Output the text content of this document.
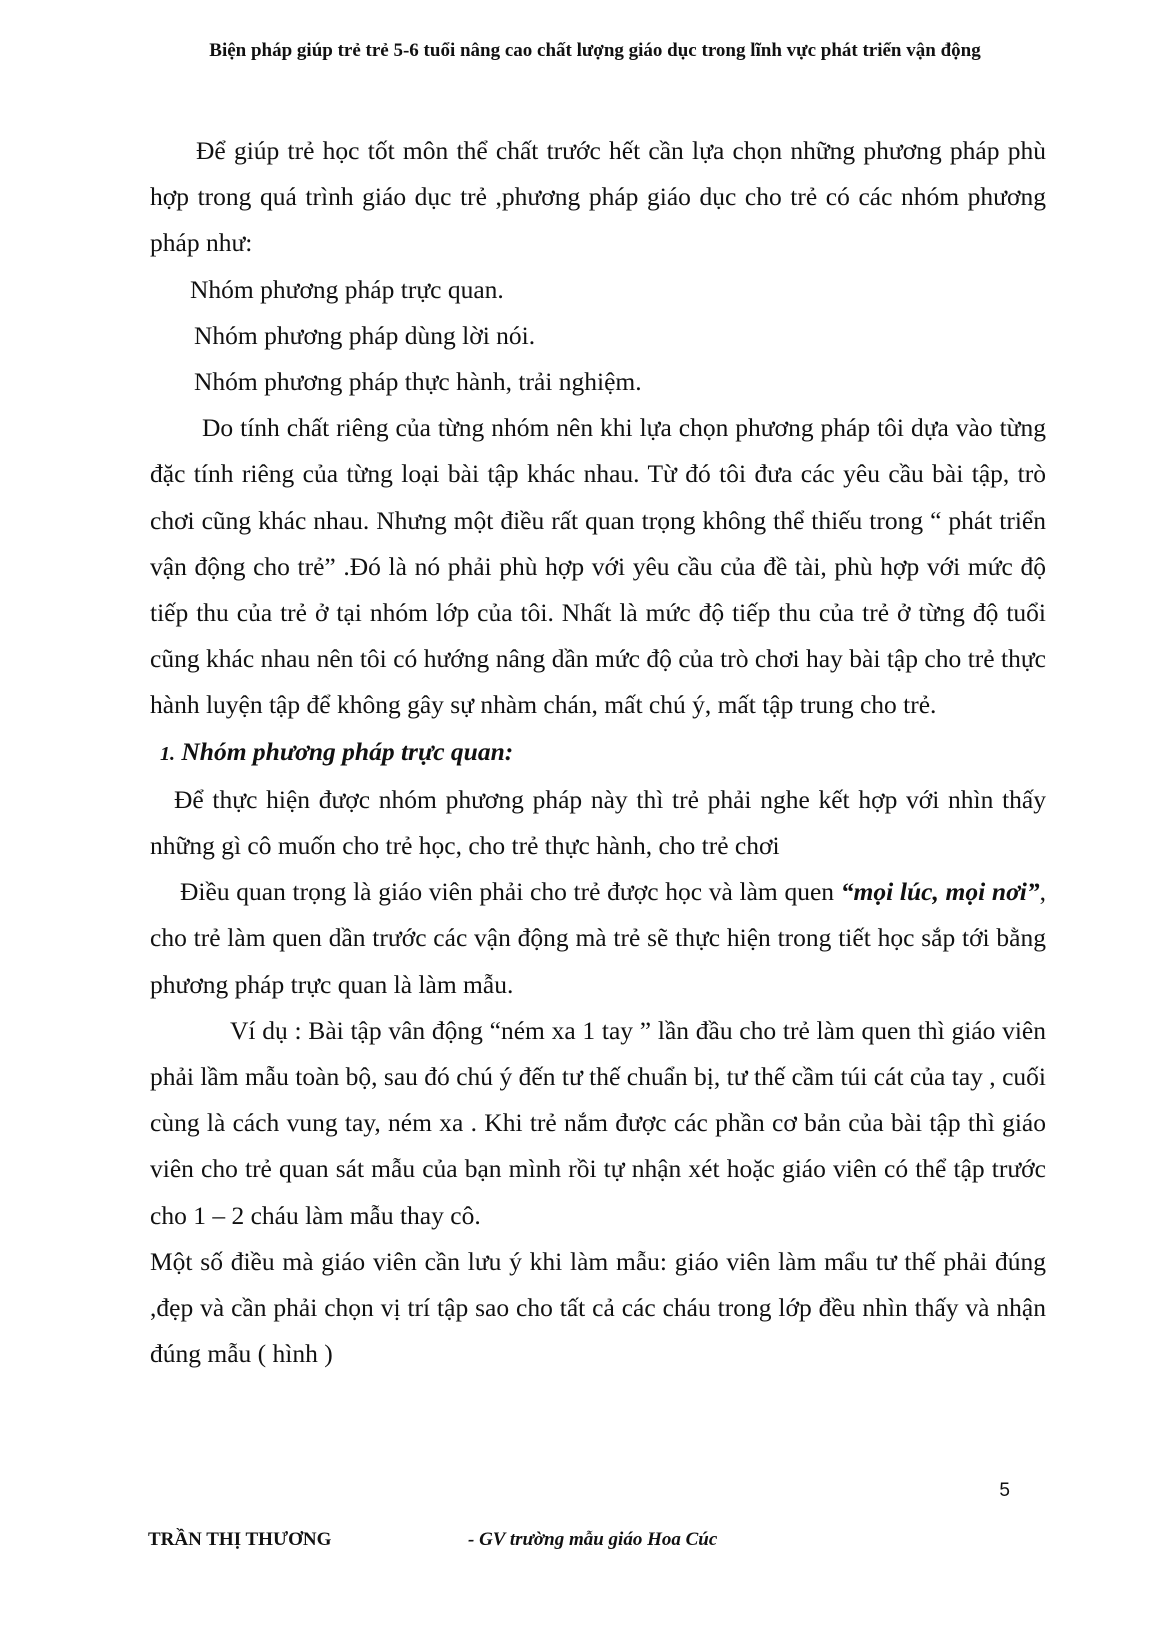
Biện pháp giúp trẻ trẻ 5-6 tuổi nâng cao chất lượng giáo dục trong lĩnh vực phát triển vận động

Để giúp trẻ học tốt môn thể chất trước hết cần lựa chọn những phương pháp phù hợp trong quá trình giáo dục trẻ ,phương pháp giáo dục cho trẻ có các nhóm phương pháp như:

Nhóm phương pháp trực quan.

Nhóm phương pháp dùng lời nói.

Nhóm phương pháp thực hành, trải nghiệm.

Do tính chất riêng của từng nhóm nên khi lựa chọn phương pháp tôi dựa vào từng đặc tính riêng của từng loại bài tập khác nhau. Từ đó tôi đưa các yêu cầu bài tập, trò chơi cũng khác nhau. Nhưng một điều rất quan trọng không thể thiếu trong “ phát triển vận động cho trẻ” .Đó là nó phải phù hợp với yêu cầu của đề tài, phù hợp với mức độ tiếp thu của trẻ ở tại nhóm lớp của tôi. Nhất là mức độ tiếp thu của trẻ ở từng độ tuổi cũng khác nhau nên tôi có hướng nâng dần mức độ của trò chơi hay bài tập cho trẻ thực hành luyện tập để không gây sự nhàm chán, mất chú ý, mất tập trung cho trẻ.

1. Nhóm phương pháp trực quan:

Để thực hiện được nhóm phương pháp này thì trẻ phải nghe kết hợp với nhìn thấy những gì cô muốn cho trẻ học, cho trẻ thực hành, cho trẻ chơi

Điều quan trọng là giáo viên phải cho trẻ được học và làm quen “mọi lúc, mọi nơi”, cho trẻ làm quen dần trước các vận động mà trẻ sẽ thực hiện trong tiết học sắp tới bằng phương pháp trực quan là làm mẫu.

Ví dụ : Bài tập vân động “ném xa 1 tay ” lần đầu cho trẻ làm quen thì giáo viên phải lầm mẫu toàn bộ, sau đó chú ý đến tư thế chuẩn bị, tư thế cầm túi cát của tay , cuối cùng là cách vung tay, ném xa . Khi trẻ nắm được các phần cơ bản của bài tập thì giáo viên cho trẻ quan sát mẫu của bạn mình rồi tự nhận xét hoặc giáo viên có thể tập trước cho 1 – 2 cháu làm mẫu thay cô.

Một số điều mà giáo viên cần lưu ý khi làm mẫu: giáo viên làm mẩu tư thế phải đúng ,đẹp và cần phải chọn vị trí tập sao cho tất cả các cháu trong lớp đều nhìn thấy và nhận đúng mẫu ( hình )

5
TRẦN THỊ THƯƠNG	- GV trường mẫu giáo Hoa Cúc
